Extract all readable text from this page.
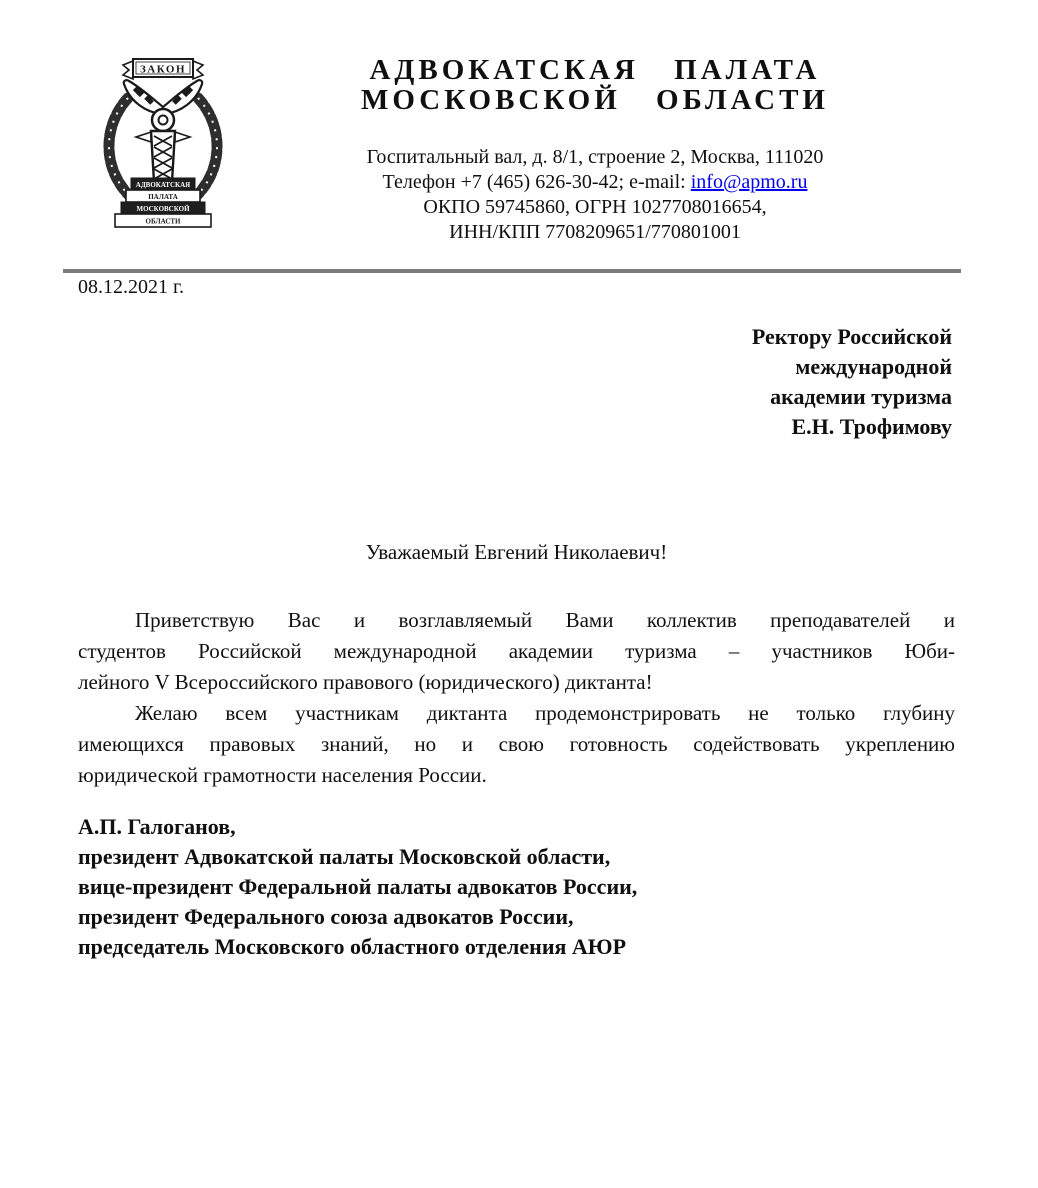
ЗАКОН
АДВОКАТСКАЯ
ПАЛАТА
МОСКОВСКОЙ
ОБЛАСТИ
АДВОКАТСКАЯ ПАЛАТА
МОСКОВСКОЙ ОБЛАСТИ
Госпитальный вал, д. 8/1, строение 2, Москва, 111020
Телефон +7 (465) 626-30-42; e-mail: info@apmo.ru
ОКПО 59745860, ОГРН 1027708016654,
ИНН/КПП 7708209651/770801001
08.12.2021 г.
Ректору Российской
международной
академии туризма
Е.Н. Трофимову
Уважаемый Евгений Николаевич!
Приветствую Вас и возглавляемый Вами коллектив преподавателей и
студентов Российской международной академии туризма – участников Юби-
лейного V Всероссийского правового (юридического) диктанта!
Желаю всем участникам диктанта продемонстрировать не только глубину
имеющихся правовых знаний, но и свою готовность содействовать укреплению
юридической грамотности населения России.
А.П. Галоганов,
президент Адвокатской палаты Московской области,
вице-президент Федеральной палаты адвокатов России,
президент Федерального союза адвокатов России,
председатель Московского областного отделения АЮР
